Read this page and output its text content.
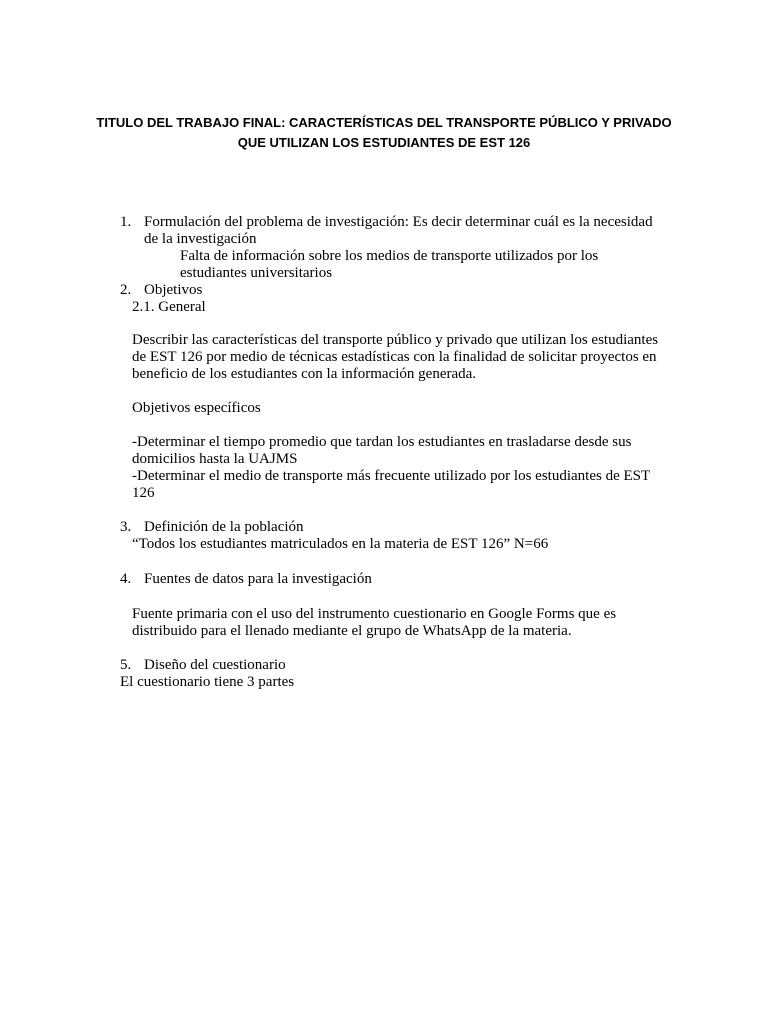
TITULO DEL TRABAJO FINAL: CARACTERÍSTICAS DEL TRANSPORTE PÚBLICO Y PRIVADO
QUE UTILIZAN LOS ESTUDIANTES DE EST 126
1. Formulación del problema de investigación: Es decir determinar cuál es la necesidad
de la investigación
Falta de información sobre los medios de transporte utilizados por los
estudiantes universitarios
2. Objetivos
2.1. General
Describir las características del transporte público y privado que utilizan los estudiantes
de EST 126 por medio de técnicas estadísticas con la finalidad de solicitar proyectos en
beneficio de los estudiantes con la información generada.
Objetivos específicos
-Determinar el tiempo promedio que tardan los estudiantes en trasladarse desde sus
domicilios hasta la UAJMS
-Determinar el medio de transporte más frecuente utilizado por los estudiantes de EST
126
3. Definición de la población
“Todos los estudiantes matriculados en la materia de EST 126” N=66
4. Fuentes de datos para la investigación
Fuente primaria con el uso del instrumento cuestionario en Google Forms que es
distribuido para el llenado mediante el grupo de WhatsApp de la materia.
5. Diseño del cuestionario
El cuestionario tiene 3 partes
